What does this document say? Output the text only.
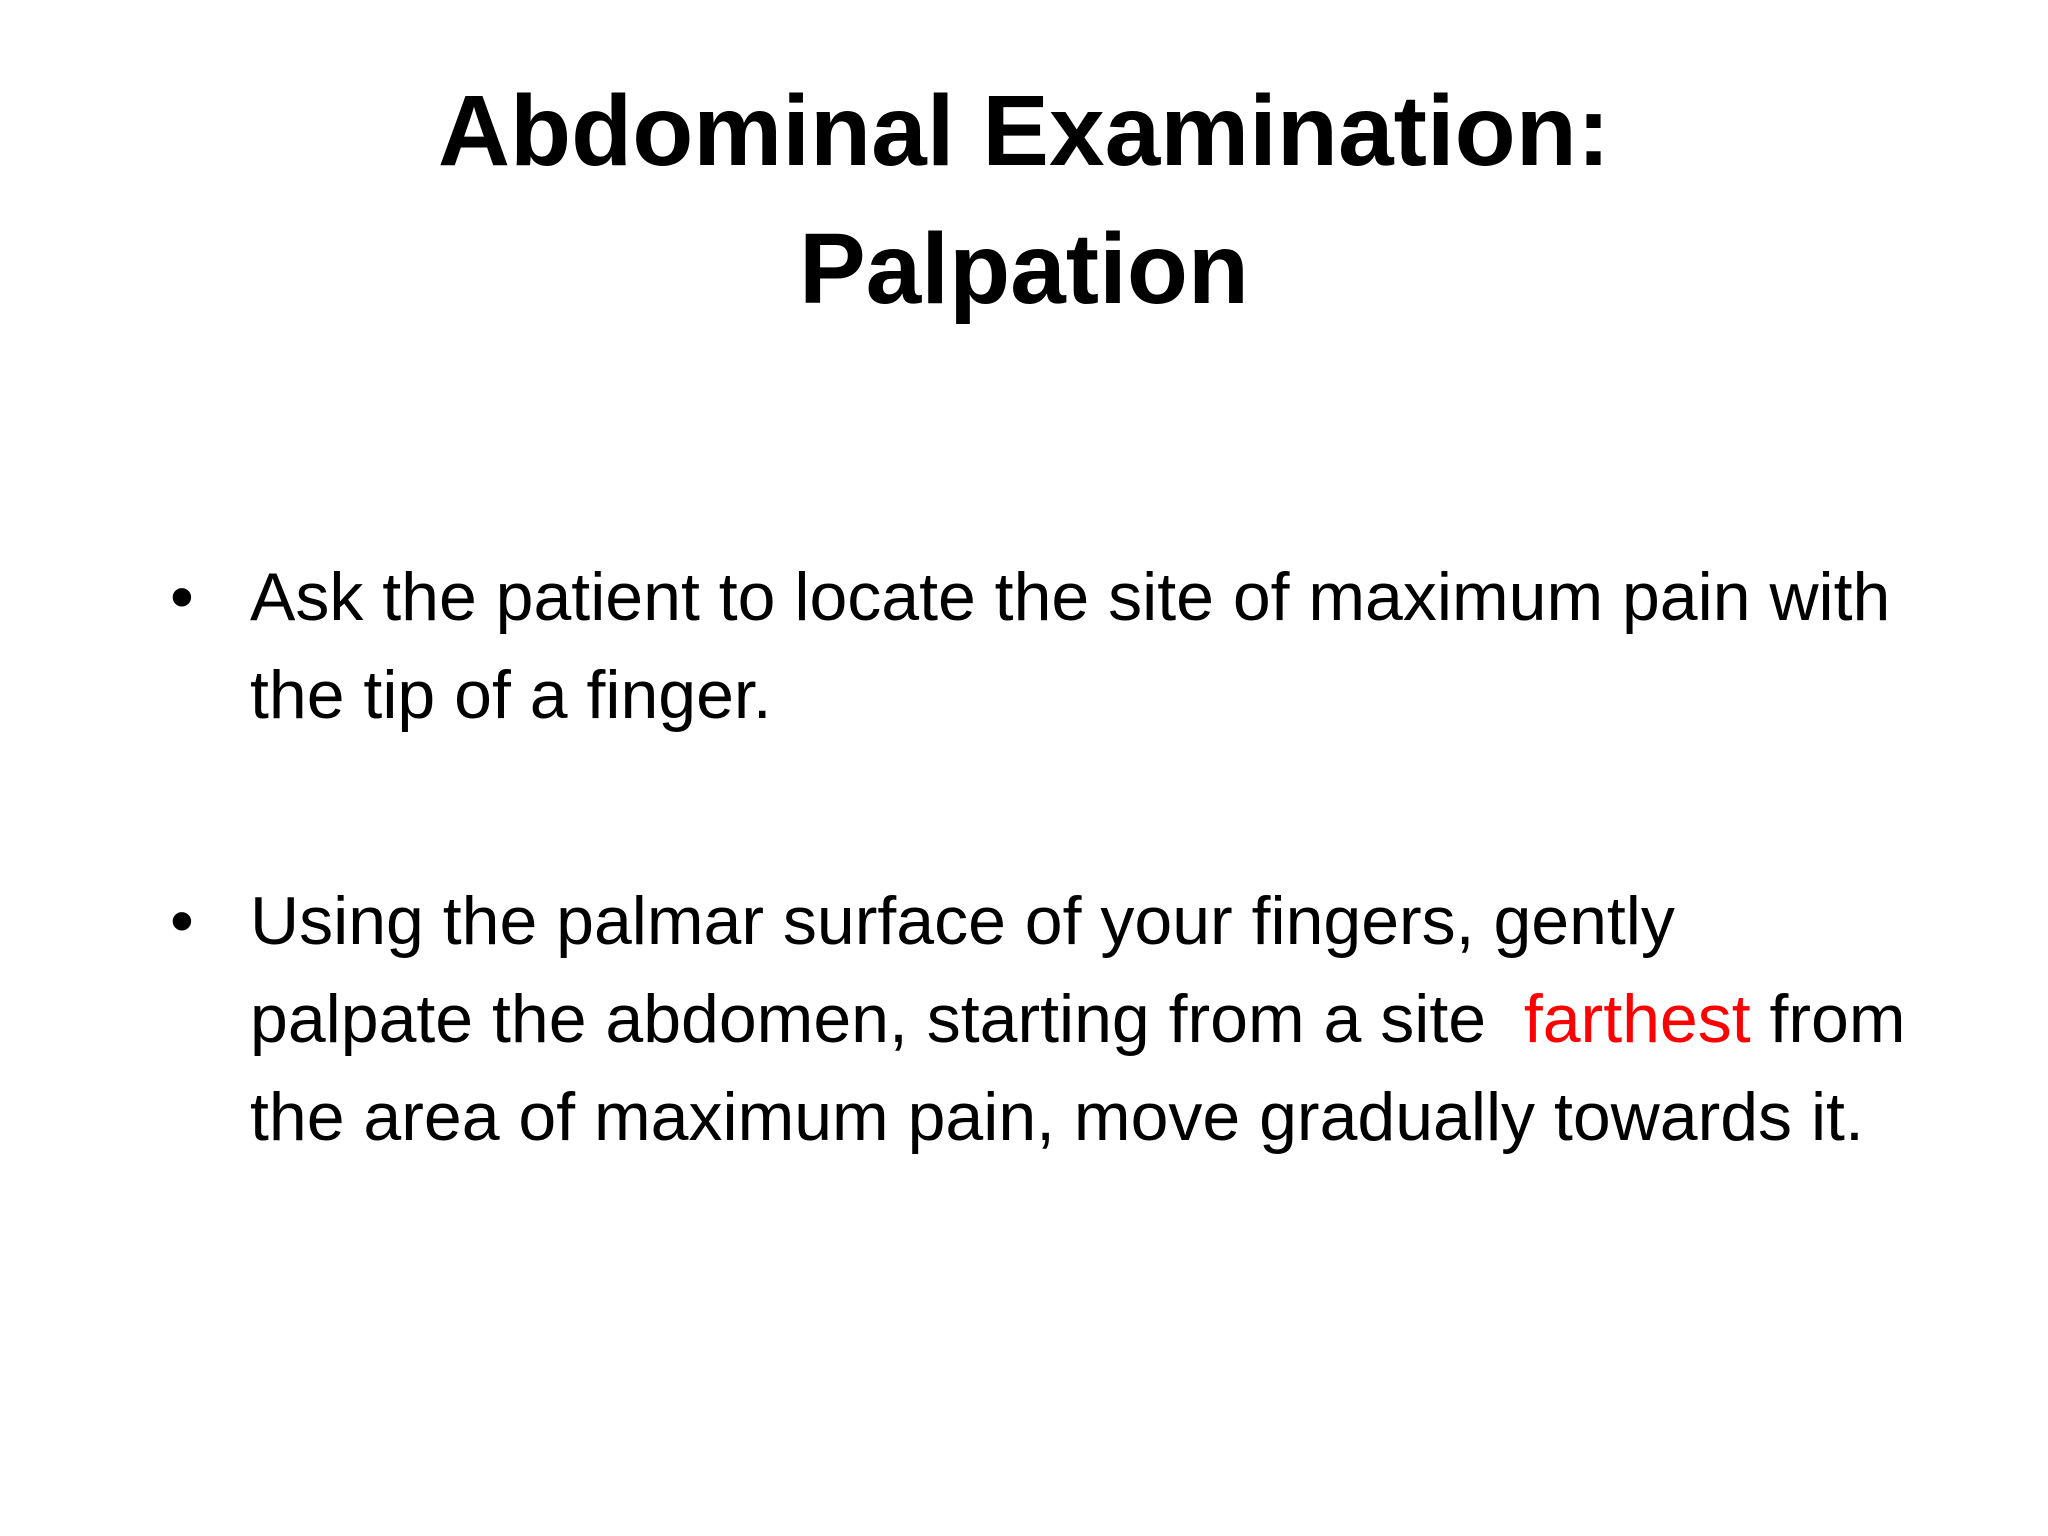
Abdominal Examination:
Palpation
• Ask the patient to locate the site of maximum pain with the tip of a finger.
• Using the palmar surface of your fingers, gently palpate the abdomen, starting from a site  farthest from the area of maximum pain, move gradually towards it.
